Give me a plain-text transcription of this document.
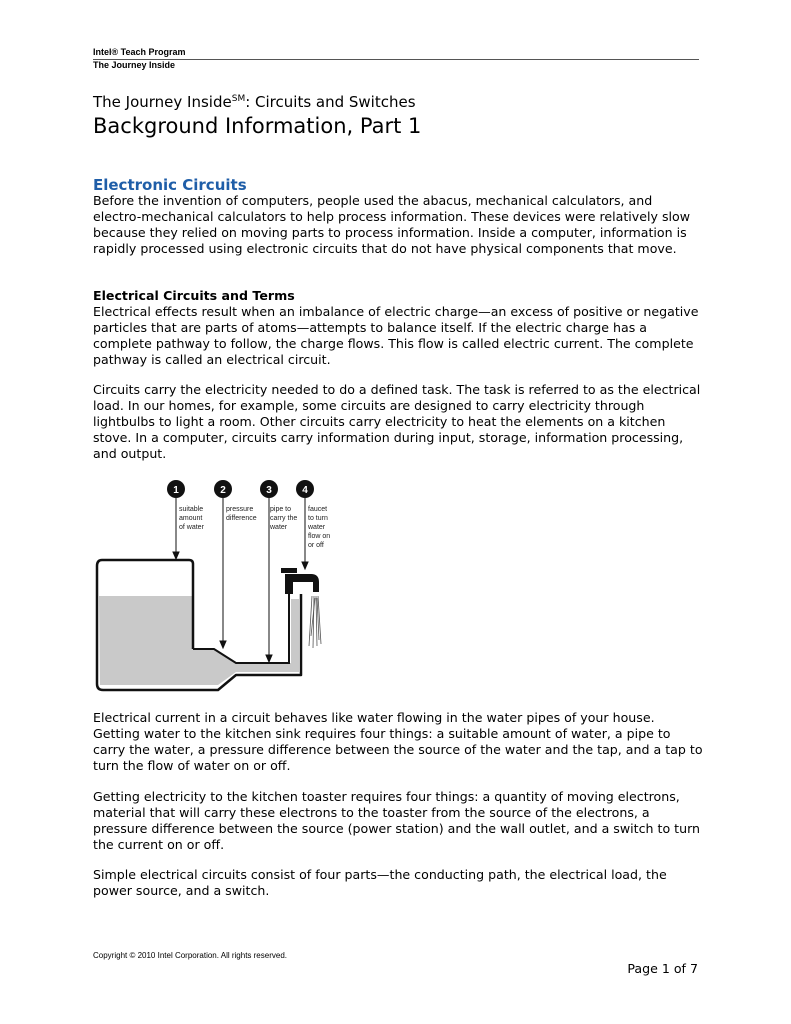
Intel® Teach Program
The Journey Inside
The Journey Inside℠: Circuits and Switches
Background Information, Part 1
Electronic Circuits

Before the invention of computers, people used the abacus, mechanical calculators, and electro-mechanical calculators to help process information. These devices were relatively slow because they relied on moving parts to process information. Inside a computer, information is rapidly processed using electronic circuits that do not have physical components that move.

Electrical Circuits and Terms

Electrical effects result when an imbalance of electric charge—an excess of positive or negative particles that are parts of atoms—attempts to balance itself. If the electric charge has a complete pathway to follow, the charge flows. This flow is called electric current. The complete pathway is called an electrical circuit.

Circuits carry the electricity needed to do a defined task. The task is referred to as the electrical load. In our homes, for example, some circuits are designed to carry electricity through lightbulbs to light a room. Other circuits carry electricity to heat the elements on a kitchen stove. In a computer, circuits carry information during input, storage, information processing, and output.

1
suitable
amount
of water
2
pressure
difference
3
pipe to
carry the
water
4
faucet
to turn
water
flow on
or off

Electrical current in a circuit behaves like water flowing in the water pipes of your house. Getting water to the kitchen sink requires four things: a suitable amount of water, a pipe to carry the water, a pressure difference between the source of the water and the tap, and a tap to turn the flow of water on or off.

Getting electricity to the kitchen toaster requires four things: a quantity of moving electrons, material that will carry these electrons to the toaster from the source of the electrons, a pressure difference between the source (power station) and the wall outlet, and a switch to turn the current on or off.

Simple electrical circuits consist of four parts—the conducting path, the electrical load, the power source, and a switch.

Copyright © 2010 Intel Corporation. All rights reserved.
Page 1 of 7
